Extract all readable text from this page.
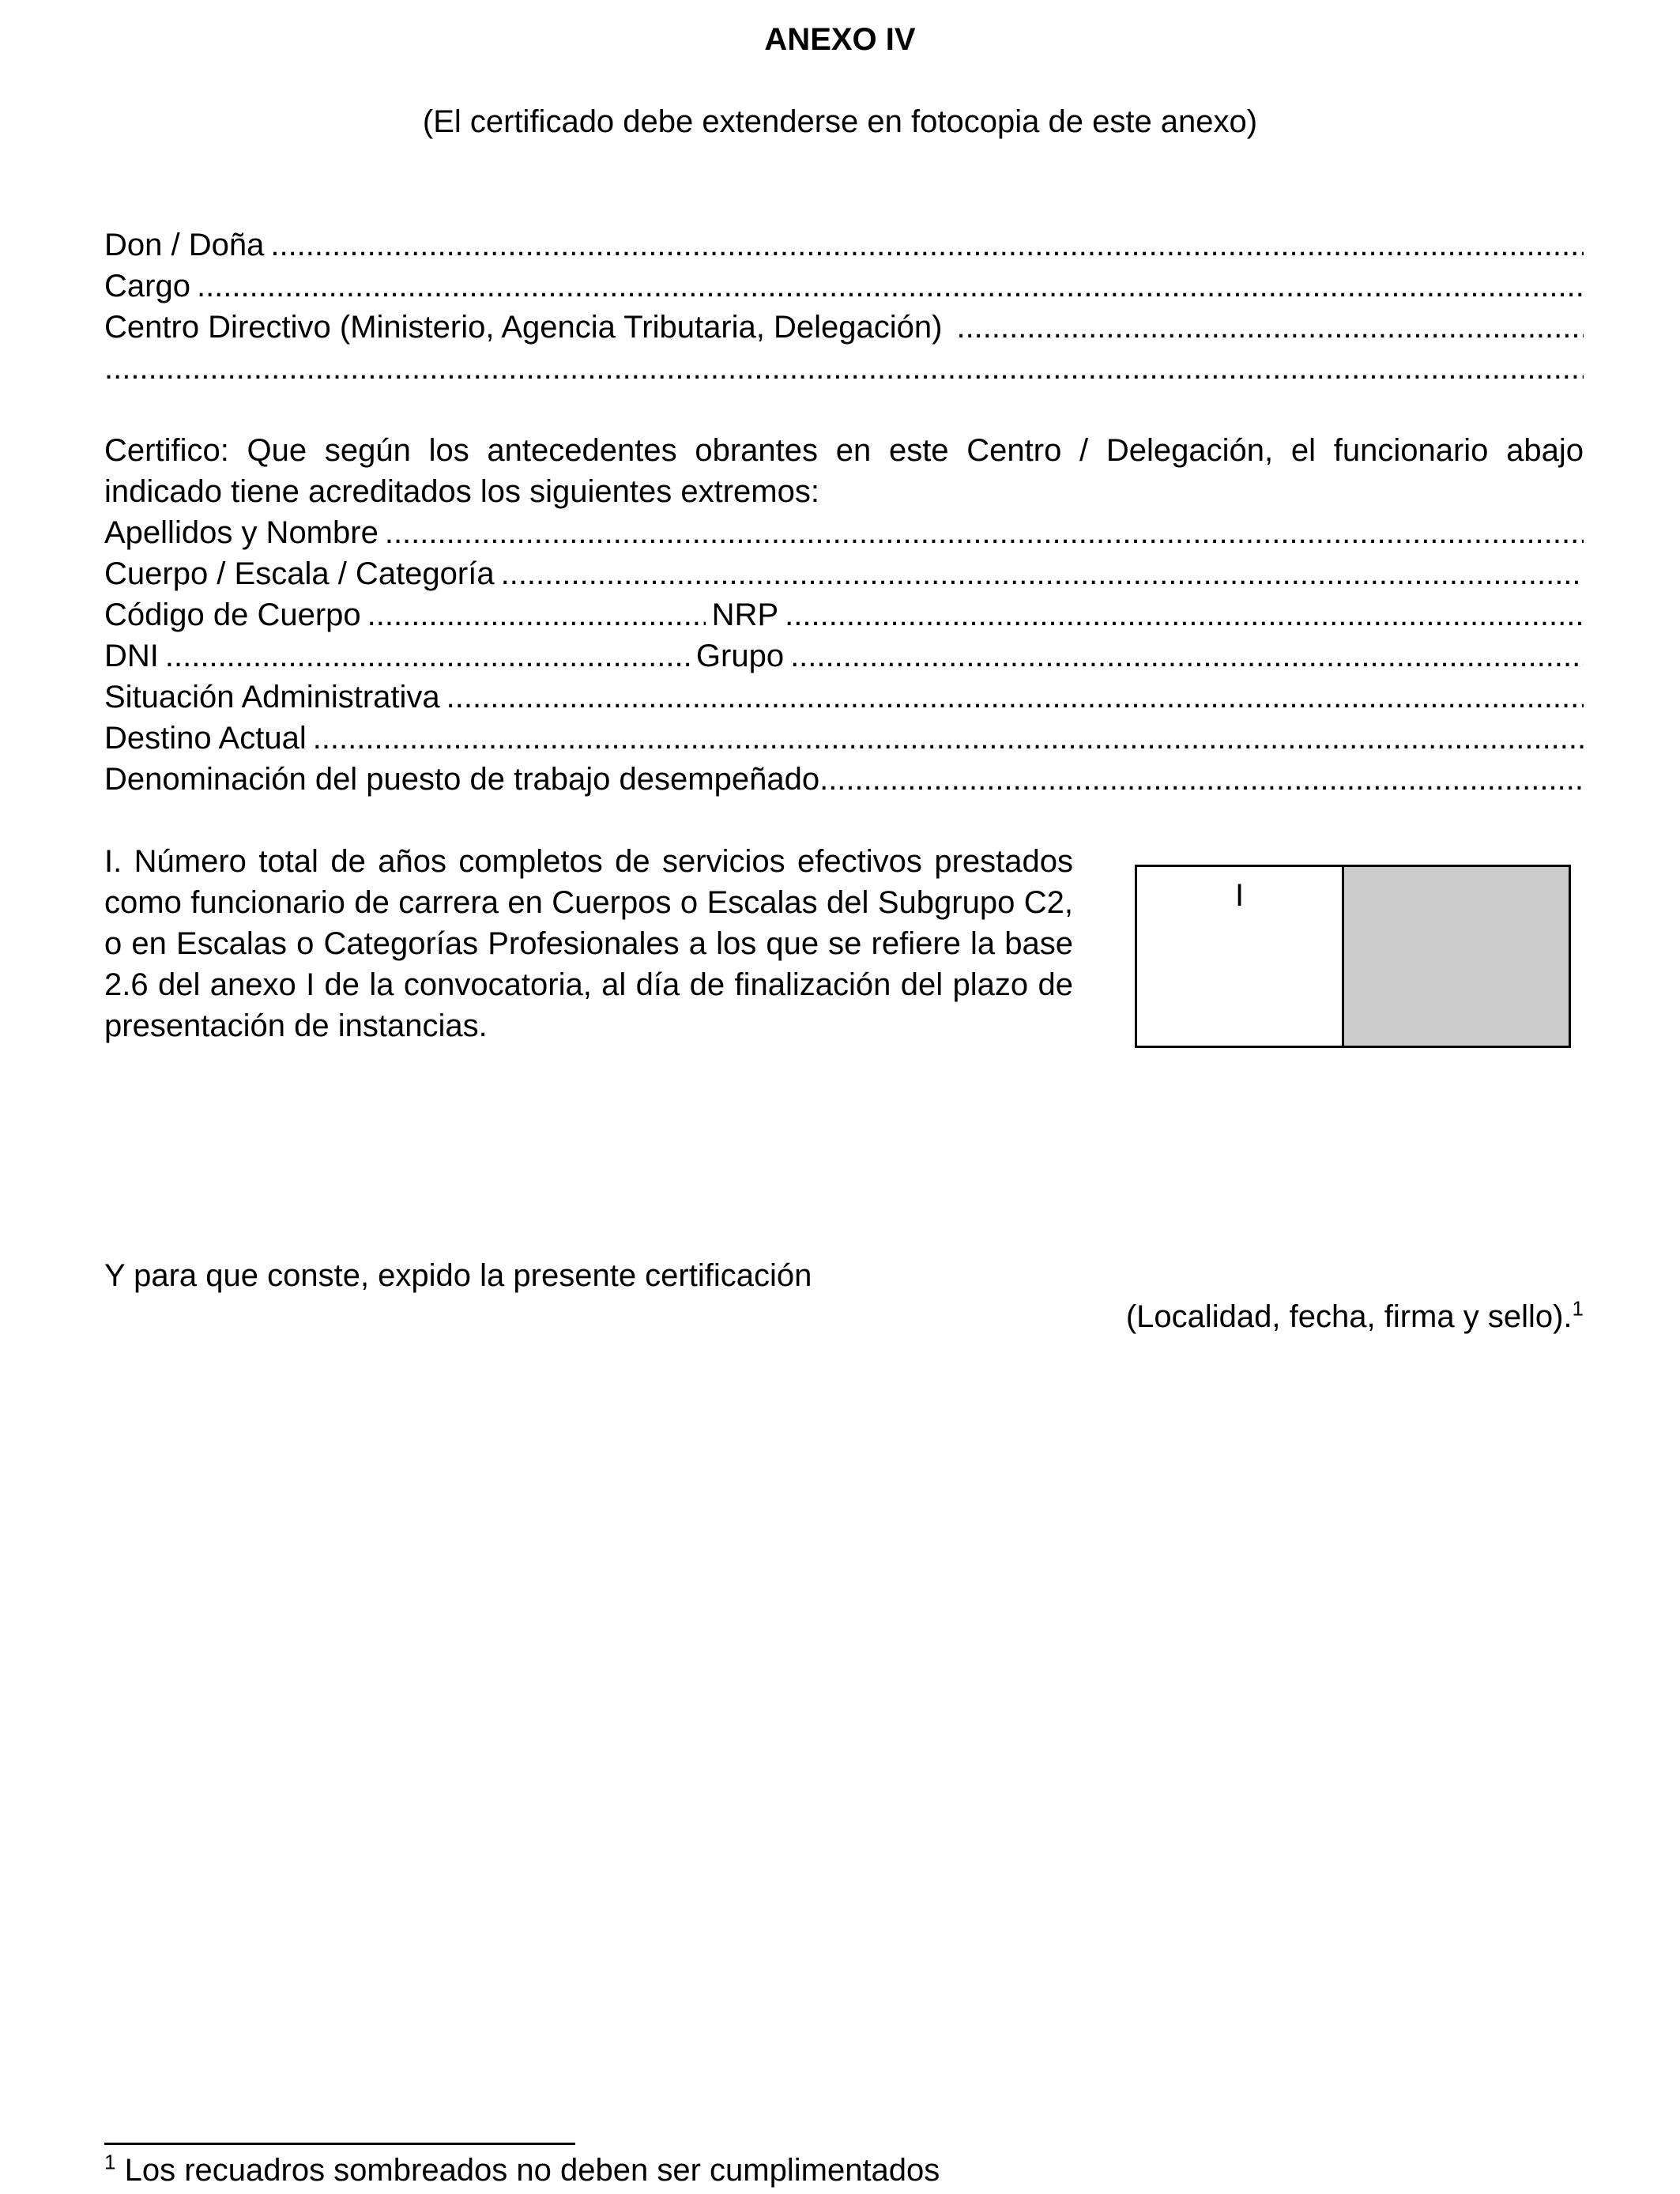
ANEXO IV
(El certificado debe extenderse en fotocopia de este anexo)
Don / Doña
.....
Cargo
.....
Centro Directivo (Ministerio, Agencia Tributaria, Delegación)
.....
.....
Certifico: Que según los antecedentes obrantes en este Centro / Delegación, el funcionario abajo indicado tiene acreditados los siguientes extremos:
Apellidos y Nombre
.....
Cuerpo / Escala / Categoría
.....
Código de Cuerpo .....	NRP
.....
DNI .....	Grupo
.....
Situación Administrativa
.....
Destino Actual
.....
Denominación del puesto de trabajo desempeñado
.....
I. Número total de años completos de servicios efectivos prestados como funcionario de carrera en Cuerpos o Escalas del Subgrupo C2, o en Escalas o Categorías Profesionales a los que se refiere la base 2.6 del anexo I de la convocatoria, al día de finalización del plazo de presentación de instancias.
I
Y para que conste, expido la presente certificación
(Localidad, fecha, firma y sello).$^1$
$^1$ Los recuadros sombreados no deben ser cumplimentados
